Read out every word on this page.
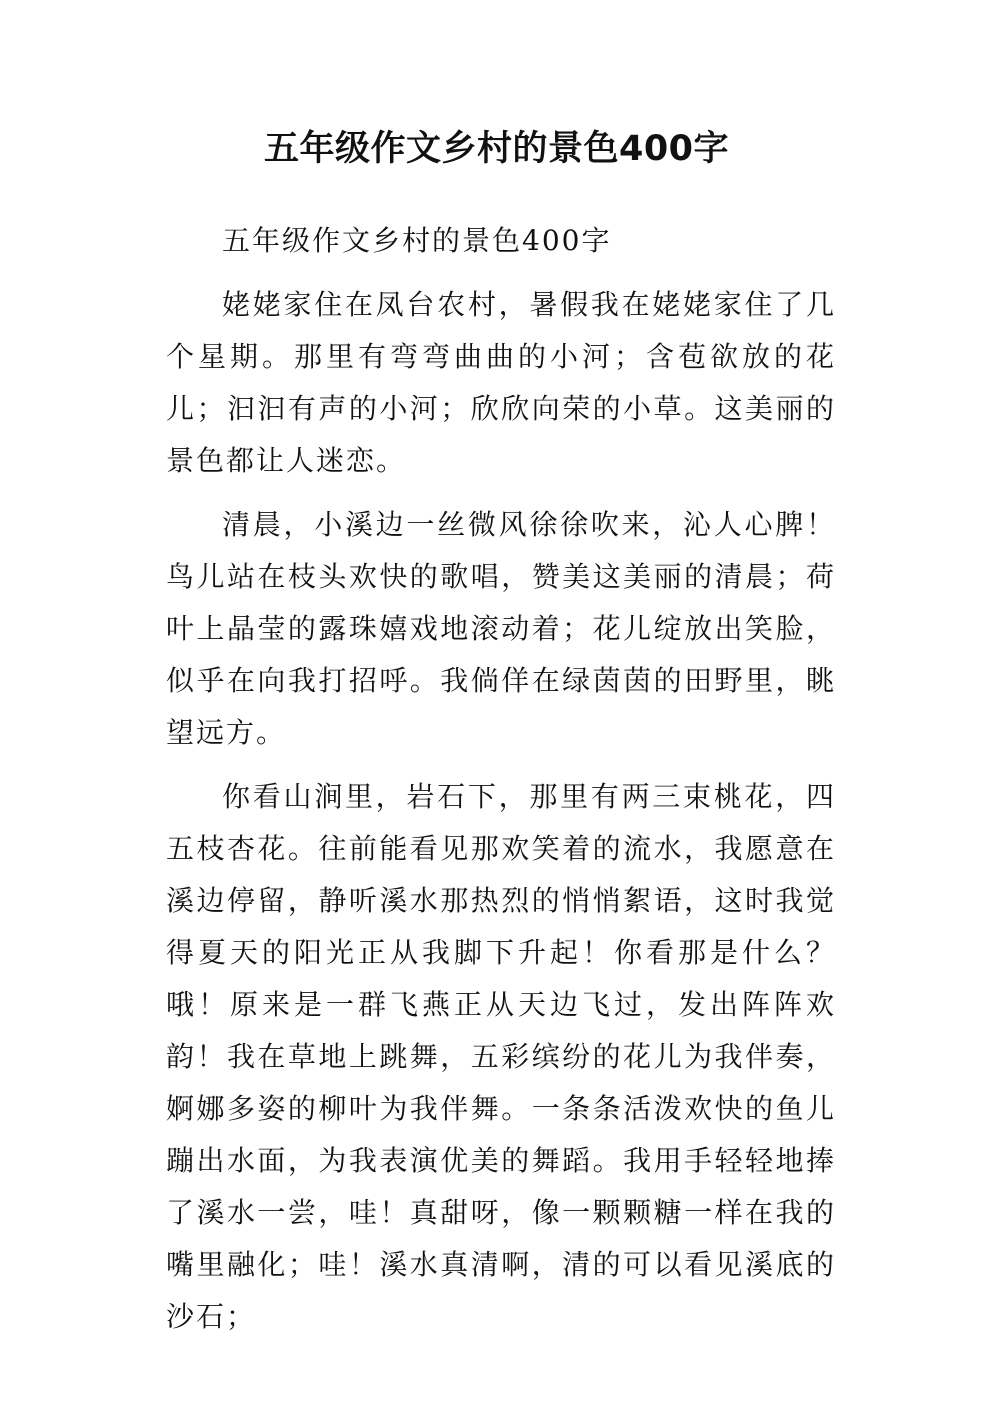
五年级作文乡村的景色400字

五年级作文乡村的景色400字

姥姥家住在凤台农村，暑假我在姥姥家住了几个星期。那里有弯弯曲曲的小河；含苞欲放的花儿；汩汩有声的小河；欣欣向荣的小草。这美丽的景色都让人迷恋。

清晨，小溪边一丝微风徐徐吹来，沁人心脾！鸟儿站在枝头欢快的歌唱，赞美这美丽的清晨；荷叶上晶莹的露珠嬉戏地滚动着；花儿绽放出笑脸，似乎在向我打招呼。我倘佯在绿茵茵的田野里，眺望远方。

你看山涧里，岩石下，那里有两三束桃花，四五枝杏花。往前能看见那欢笑着的流水，我愿意在溪边停留，静听溪水那热烈的悄悄絮语，这时我觉得夏天的阳光正从我脚下升起！你看那是什么？哦！原来是一群飞燕正从天边飞过，发出阵阵欢韵！我在草地上跳舞，五彩缤纷的花儿为我伴奏，婀娜多姿的柳叶为我伴舞。一条条活泼欢快的鱼儿蹦出水面，为我表演优美的舞蹈。我用手轻轻地捧了溪水一尝，哇！真甜呀，像一颗颗糖一样在我的嘴里融化；哇！溪水真清啊，清的可以看见溪底的沙石；
